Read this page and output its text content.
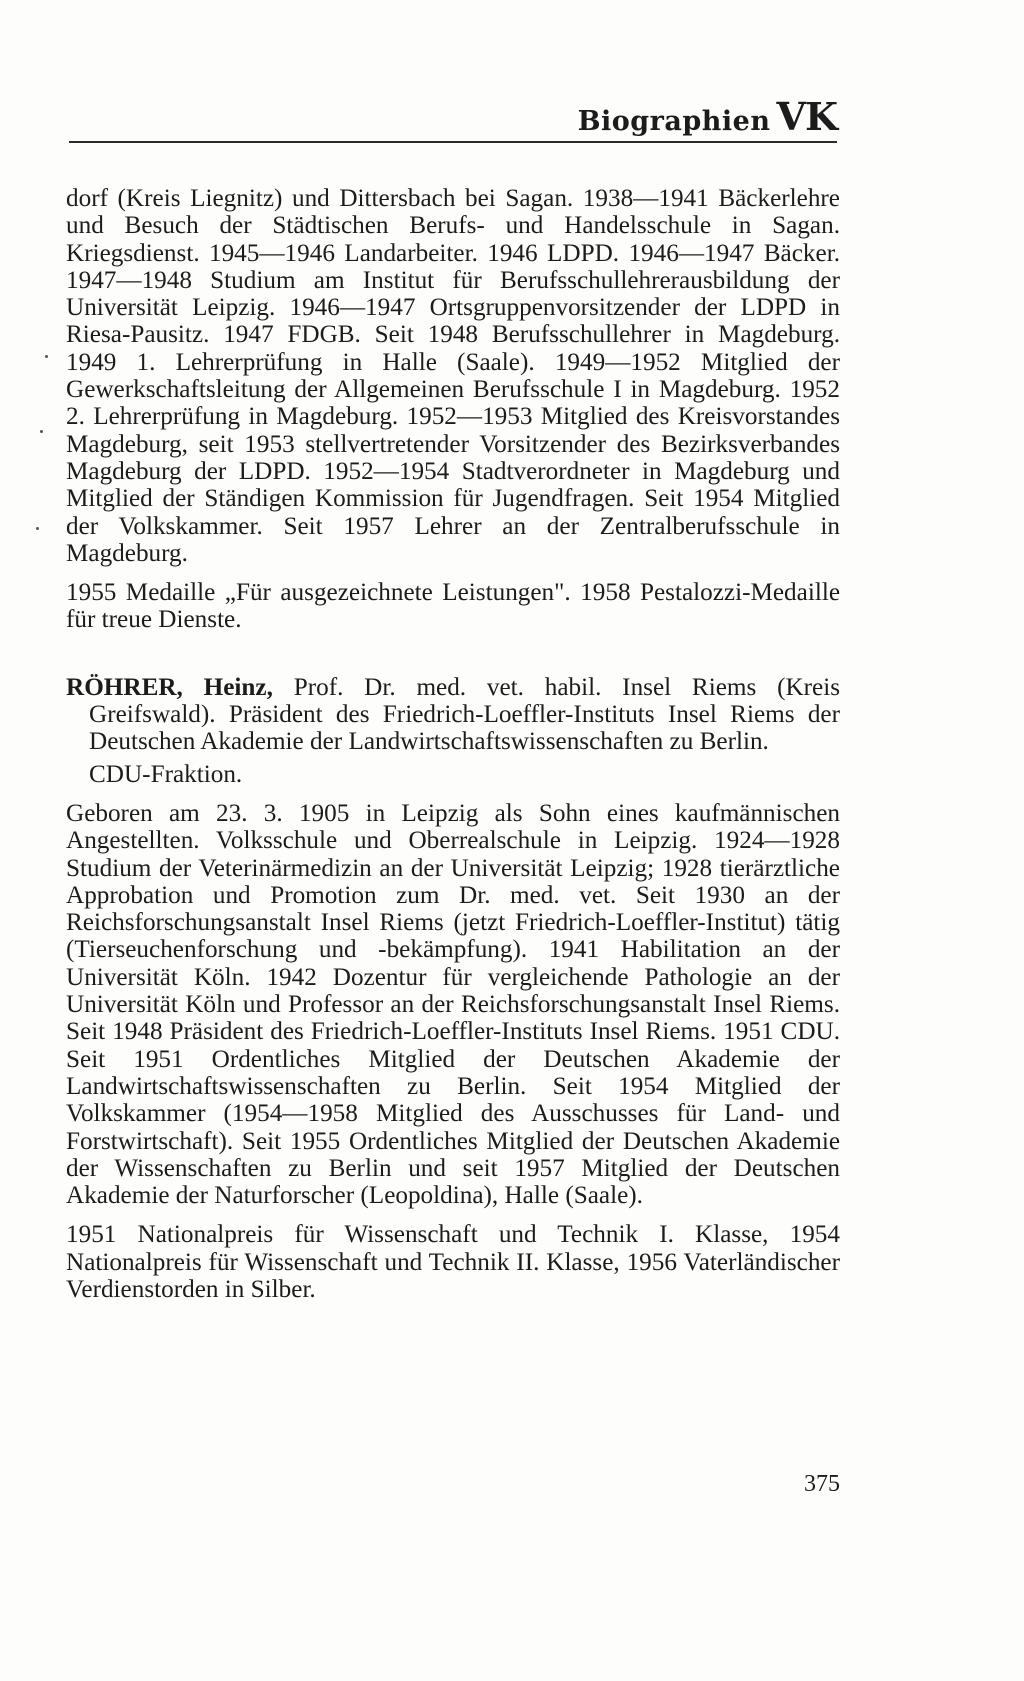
Biographien VK

dorf (Kreis Liegnitz) und Dittersbach bei Sagan. 1938—1941 Bäckerlehre und Besuch der Städtischen Berufs- und Handelsschule in Sagan. Kriegsdienst. 1945—1946 Landarbeiter. 1946 LDPD. 1946—1947 Bäcker. 1947—1948 Studium am Institut für Berufsschullehrerausbildung der Universität Leipzig. 1946—1947 Ortsgruppenvorsitzender der LDPD in Riesa-Pausitz. 1947 FDGB. Seit 1948 Berufsschullehrer in Magdeburg. 1949 1. Lehrerprüfung in Halle (Saale). 1949—1952 Mitglied der Gewerkschaftsleitung der Allgemeinen Berufsschule I in Magdeburg. 1952 2. Lehrerprüfung in Magdeburg. 1952—1953 Mitglied des Kreisvorstandes Magdeburg, seit 1953 stellvertretender Vorsitzender des Bezirksverbandes Magdeburg der LDPD. 1952—1954 Stadtverordneter in Magdeburg und Mitglied der Ständigen Kommission für Jugendfragen. Seit 1954 Mitglied der Volkskammer. Seit 1957 Lehrer an der Zentralberufsschule in Magdeburg.

1955 Medaille „Für ausgezeichnete Leistungen". 1958 Pestalozzi-Medaille für treue Dienste.

RÖHRER, Heinz, Prof. Dr. med. vet. habil. Insel Riems (Kreis Greifswald). Präsident des Friedrich-Loeffler-Instituts Insel Riems der Deutschen Akademie der Landwirtschaftswissenschaften zu Berlin.

CDU-Fraktion.

Geboren am 23. 3. 1905 in Leipzig als Sohn eines kaufmännischen Angestellten. Volksschule und Oberrealschule in Leipzig. 1924—1928 Studium der Veterinärmedizin an der Universität Leipzig; 1928 tierärztliche Approbation und Promotion zum Dr. med. vet. Seit 1930 an der Reichsforschungsanstalt Insel Riems (jetzt Friedrich-Loeffler-Institut) tätig (Tierseuchenforschung und -bekämpfung). 1941 Habilitation an der Universität Köln. 1942 Dozentur für vergleichende Pathologie an der Universität Köln und Professor an der Reichsforschungsanstalt Insel Riems. Seit 1948 Präsident des Friedrich-Loeffler-Instituts Insel Riems. 1951 CDU. Seit 1951 Ordentliches Mitglied der Deutschen Akademie der Landwirtschaftswissenschaften zu Berlin. Seit 1954 Mitglied der Volkskammer (1954—1958 Mitglied des Ausschusses für Land- und Forstwirtschaft). Seit 1955 Ordentliches Mitglied der Deutschen Akademie der Wissenschaften zu Berlin und seit 1957 Mitglied der Deutschen Akademie der Naturforscher (Leopoldina), Halle (Saale).

1951 Nationalpreis für Wissenschaft und Technik I. Klasse, 1954 Nationalpreis für Wissenschaft und Technik II. Klasse, 1956 Vaterländischer Verdienstorden in Silber.

375
